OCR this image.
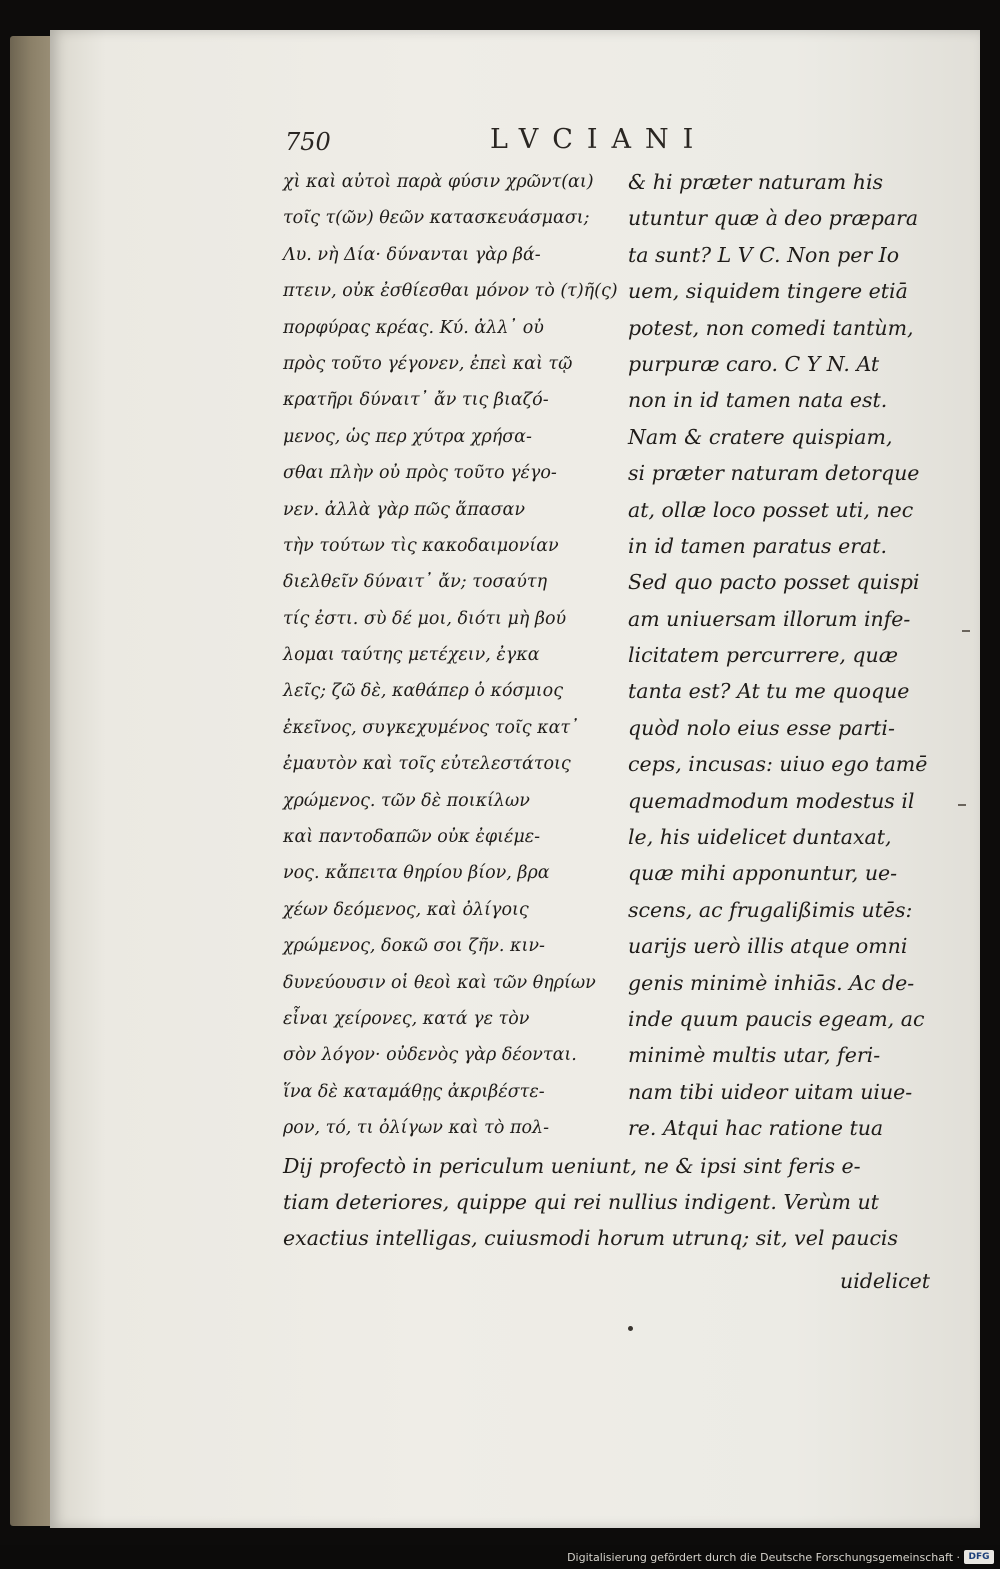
750	LVCIANI
χὶ καὶ αὐτοὶ παρὰ φύσιν χρῶντ(αι)
τοῖς τ(ῶν) θεῶν κατασκευάσμασι;
Λυ. νὴ Δία· δύνανται γὰρ βά-
πτειν, οὐκ ἐσθίεσθαι μόνον τὸ (τ)ῆ(ς)
πορφύρας κρέας. Κύ. ἀλλ᾽ οὐ
πρὸς τοῦτο γέγονεν, ἐπεὶ καὶ τῷ
κρατῆρι δύναιτ᾽ ἄν τις βιαζό-
μενος, ὡς περ χύτρα χρήσα-
σθαι πλὴν οὐ πρὸς τοῦτο γέγο-
νεν. ἀλλὰ γὰρ πῶς ἅπασαν
τὴν τούτων τὶς κακοδαιμονίαν
διελθεῖν δύναιτ᾽ ἄν; τοσαύτη
τίς ἐστι. σὺ δέ μοι, διότι μὴ βού
λομαι ταύτης μετέχειν, ἐγκα
λεῖς; ζῶ δὲ, καθάπερ ὁ κόσμιος
ἐκεῖνος, συγκεχυμένος τοῖς κατ᾽
ἐμαυτὸν καὶ τοῖς εὐτελεστάτοις
χρώμενος. τῶν δὲ ποικίλων
καὶ παντοδαπῶν οὐκ ἐφιέμε-
νος. κἄπειτα θηρίου βίον, βρα
χέων δεόμενος, καὶ ὀλίγοις
χρώμενος, δοκῶ σοι ζῆν. κιν-
δυνεύουσιν οἱ θεοὶ καὶ τῶν θηρίων
εἶναι χείρονες, κατά γε τὸν
σὸν λόγον· οὐδενὸς γὰρ δέονται.
ἵνα δὲ καταμάθῃς ἀκριβέστε-
ρον, τό, τι ὀλίγων καὶ τὸ πολ-
& hi præter naturam his
utuntur quæ à deo præpara
ta sunt? L V C. Non per Io
uem, siquidem tingere etiā
potest, non comedi tantùm,
purpuræ caro. C Y N. At
non in id tamen nata est.
Nam & cratere quispiam,
si præter naturam detorque
at, ollæ loco posset uti, nec
in id tamen paratus erat.
Sed quo pacto posset quispi
am uniuersam illorum infe-
licitatem percurrere, quæ
tanta est? At tu me quoque
quòd nolo eius esse parti-
ceps, incusas: uiuo ego tamē
quemadmodum modestus il
le, his uidelicet duntaxat,
quæ mihi apponuntur, ue-
scens, ac frugalißimis utēs:
uarijs uerò illis atque omni
genis minimè inhiās. Ac de-
inde quum paucis egeam, ac
minimè multis utar, feri-
nam tibi uideor uitam uiue-
re. Atqui hac ratione tua
Dij profectò in periculum ueniunt, ne & ipsi sint feris e-
tiam deteriores, quippe qui rei nullius indigent. Verùm ut
exactius intelligas, cuiusmodi horum utrunq; sit, vel paucis
uidelicet
Digitalisierung gefördert durch die Deutsche Forschungsgemeinschaft · DFG
